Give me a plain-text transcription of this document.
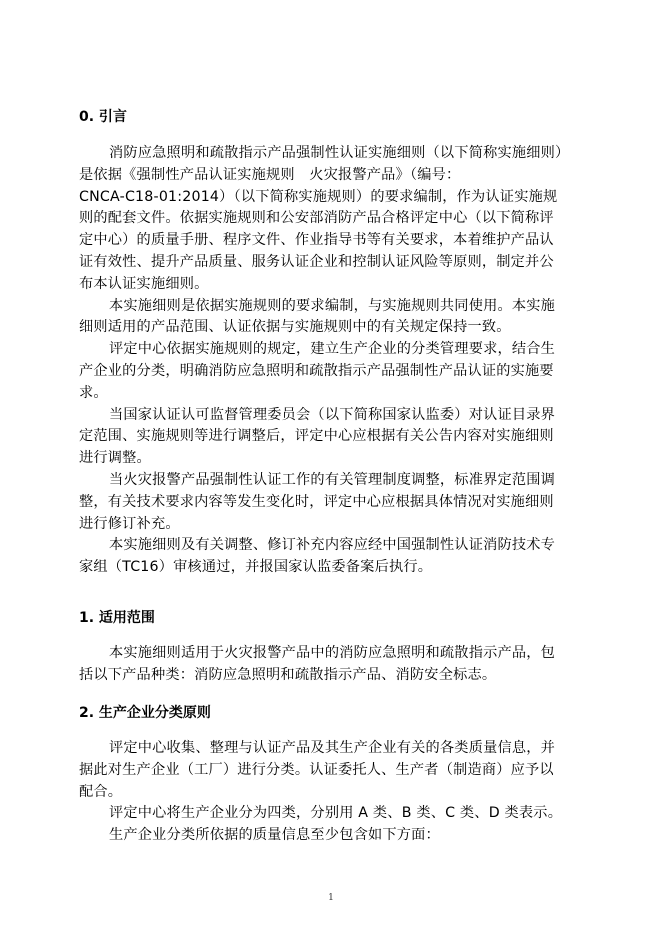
0. 引言
消防应急照明和疏散指示产品强制性认证实施细则（以下简称实施细则）
是依据《强制性产品认证实施规则　火灾报警产品》（编号：
CNCA-C18-01:2014）（以下简称实施规则）的要求编制，作为认证实施规
则的配套文件。依据实施规则和公安部消防产品合格评定中心（以下简称评
定中心）的质量手册、程序文件、作业指导书等有关要求，本着维护产品认
证有效性、提升产品质量、服务认证企业和控制认证风险等原则，制定并公
布本认证实施细则。
本实施细则是依据实施规则的要求编制，与实施规则共同使用。本实施
细则适用的产品范围、认证依据与实施规则中的有关规定保持一致。
评定中心依据实施规则的规定，建立生产企业的分类管理要求，结合生
产企业的分类，明确消防应急照明和疏散指示产品强制性产品认证的实施要
求。
当国家认证认可监督管理委员会（以下简称国家认监委）对认证目录界
定范围、实施规则等进行调整后，评定中心应根据有关公告内容对实施细则
进行调整。
当火灾报警产品强制性认证工作的有关管理制度调整，标准界定范围调
整，有关技术要求内容等发生变化时，评定中心应根据具体情况对实施细则
进行修订补充。
本实施细则及有关调整、修订补充内容应经中国强制性认证消防技术专
家组（TC16）审核通过，并报国家认监委备案后执行。
1. 适用范围
本实施细则适用于火灾报警产品中的消防应急照明和疏散指示产品，包
括以下产品种类：消防应急照明和疏散指示产品、消防安全标志。
2. 生产企业分类原则
评定中心收集、整理与认证产品及其生产企业有关的各类质量信息，并
据此对生产企业（工厂）进行分类。认证委托人、生产者（制造商）应予以
配合。
评定中心将生产企业分为四类，分别用 A 类、B 类、C 类、D 类表示。
生产企业分类所依据的质量信息至少包含如下方面：
1
